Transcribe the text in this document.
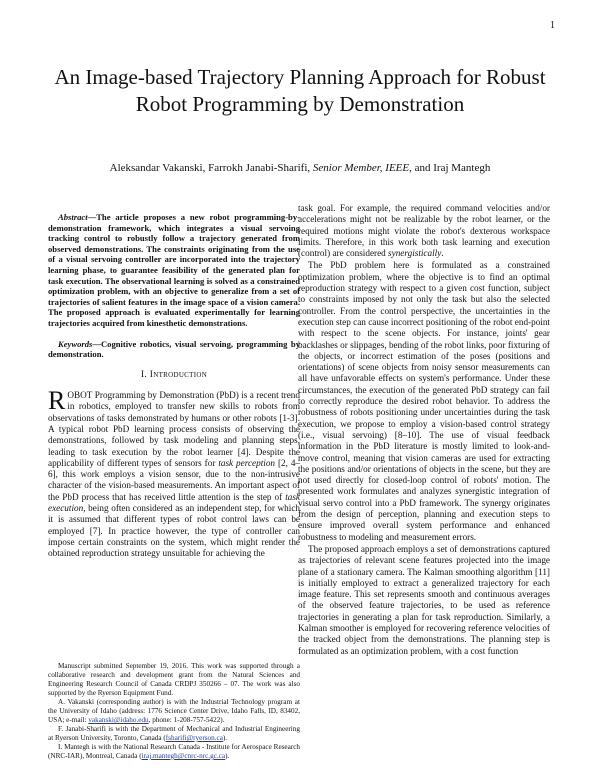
1
An Image-based Trajectory Planning Approach for Robust Robot Programming by Demonstration
Aleksandar Vakanski, Farrokh Janabi-Sharifi, Senior Member, IEEE, and Iraj Mantegh

Abstract—The article proposes a new robot programming-by-demonstration framework, which integrates a visual servoing tracking control to robustly follow a trajectory generated from observed demonstrations. The constraints originating from the use of a visual servoing controller are incorporated into the trajectory learning phase, to guarantee feasibility of the generated plan for task execution. The observational learning is solved as a constrained optimization problem, with an objective to generalize from a set of trajectories of salient features in the image space of a vision camera. The proposed approach is evaluated experimentally for learning trajectories acquired from kinesthetic demonstrations.

Keywords—Cognitive robotics, visual servoing, programming by demonstration.

I. Introduction

ROBOT Programming by Demonstration (PbD) is a recent trend in robotics, employed to transfer new skills to robots from observations of tasks demonstrated by humans or other robots [1-3]. A typical robot PbD learning process consists of observing the demonstrations, followed by task modeling and planning steps, leading to task execution by the robot learner [4]. Despite the applicability of different types of sensors for task perception [2, 4–6], this work employs a vision sensor, due to the non-intrusive character of the vision-based measurements. An important aspect of the PbD process that has received little attention is the step of task execution, being often considered as an independent step, for which it is assumed that different types of robot control laws can be employed [7]. In practice however, the type of controller can impose certain constraints on the system, which might render the obtained reproduction strategy unsuitable for achieving the

Manuscript submitted September 19, 2016. This work was supported through a collaborative research and development grant from the Natural Sciences and Engineering Research Council of Canada CRDPJ 350266 – 07. The work was also supported by the Ryerson Equipment Fund.

A. Vakanski (corresponding author) is with the Industrial Technology program at the University of Idaho (address: 1776 Science Center Drive, Idaho Falls, ID, 83402, USA; e-mail: vakanski@idaho.edu, phone: 1-208-757-5422).

F. Janabi-Sharifi is with the Department of Mechanical and Industrial Engineering at Ryerson University, Toronto, Canada (fsharifi@ryerson.ca).

I. Mantegh is with the National Research Canada - Institute for Aerospace Research (NRC-IAR), Montreal, Canada (iraj.mantegh@cnrc-nrc.gc.ca).

task goal. For example, the required command velocities and/or accelerations might not be realizable by the robot learner, or the required motions might violate the robot's dexterous workspace limits. Therefore, in this work both task learning and execution (control) are considered synergistically.

The PbD problem here is formulated as a constrained optimization problem, where the objective is to find an optimal reproduction strategy with respect to a given cost function, subject to constraints imposed by not only the task but also the selected controller. From the control perspective, the uncertainties in the execution step can cause incorrect positioning of the robot end-point with respect to the scene objects. For instance, joints' gear backlashes or slippages, bending of the robot links, poor fixturing of the objects, or incorrect estimation of the poses (positions and orientations) of scene objects from noisy sensor measurements can all have unfavorable effects on system's performance. Under these circumstances, the execution of the generated PbD strategy can fail to correctly reproduce the desired robot behavior. To address the robustness of robots positioning under uncertainties during the task execution, we propose to employ a vision-based control strategy (i.e., visual servoing) [8–10]. The use of visual feedback information in the PbD literature is mostly limited to look-and-move control, meaning that vision cameras are used for extracting the positions and/or orientations of objects in the scene, but they are not used directly for closed-loop control of robots' motion. The presented work formulates and analyzes synergistic integration of visual servo control into a PbD framework. The synergy originates from the design of perception, planning and execution steps to ensure improved overall system performance and enhanced robustness to modeling and measurement errors.

The proposed approach employs a set of demonstrations captured as trajectories of relevant scene features projected into the image plane of a stationary camera. The Kalman smoothing algorithm [11] is initially employed to extract a generalized trajectory for each image feature. This set represents smooth and continuous averages of the observed feature trajectories, to be used as reference trajectories in generating a plan for task reproduction. Similarly, a Kalman smoother is employed for recovering reference velocities of the tracked object from the demonstrations. The planning step is formulated as an optimization problem, with a cost function
